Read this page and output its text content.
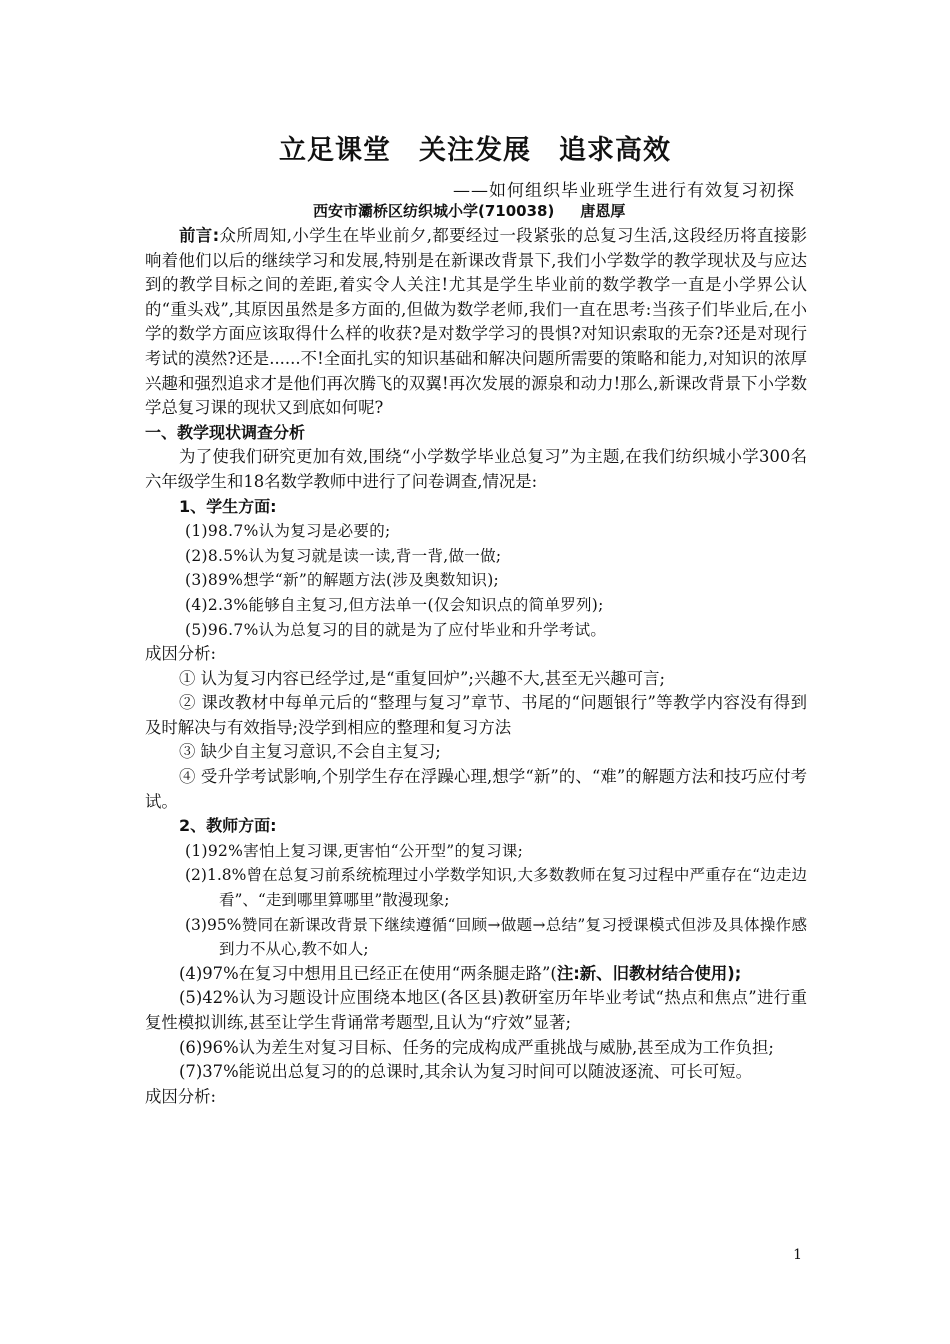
立足课堂 关注发展 追求高效
——如何组织毕业班学生进行有效复习初探
西安市灞桥区纺织城小学(710038) 唐恩厚

前言:众所周知,小学生在毕业前夕,都要经过一段紧张的总复习生活,这段经历将直接影响着他们以后的继续学习和发展,特别是在新课改背景下,我们小学数学的教学现状及与应达到的教学目标之间的差距,着实令人关注!尤其是学生毕业前的数学教学一直是小学界公认的“重头戏”,其原因虽然是多方面的,但做为数学老师,我们一直在思考:当孩子们毕业后,在小学的数学方面应该取得什么样的收获?是对数学学习的畏惧?对知识索取的无奈?还是对现行考试的漠然?还是......不!全面扎实的知识基础和解决问题所需要的策略和能力,对知识的浓厚兴趣和强烈追求才是他们再次腾飞的双翼!再次发展的源泉和动力!那么,新课改背景下小学数学总复习课的现状又到底如何呢?

一、教学现状调查分析

为了使我们研究更加有效,围绕“小学数学毕业总复习”为主题,在我们纺织城小学300名六年级学生和18名数学教师中进行了问卷调查,情况是:

1、学生方面:

(1)98.7%认为复习是必要的;

(2)8.5%认为复习就是读一读,背一背,做一做;

(3)89%想学“新”的解题方法(涉及奥数知识);

(4)2.3%能够自主复习,但方法单一(仅会知识点的简单罗列);

(5)96.7%认为总复习的目的就是为了应付毕业和升学考试。

成因分析:

① 认为复习内容已经学过,是“重复回炉”;兴趣不大,甚至无兴趣可言;

② 课改教材中每单元后的“整理与复习”章节、书尾的“问题银行”等教学内容没有得到及时解决与有效指导;没学到相应的整理和复习方法

③ 缺少自主复习意识,不会自主复习;

④ 受升学考试影响,个别学生存在浮躁心理,想学“新”的、“难”的解题方法和技巧应付考试。

2、教师方面:

(1)92%害怕上复习课,更害怕“公开型”的复习课;

(2)1.8%曾在总复习前系统梳理过小学数学知识,大多数教师在复习过程中严重存在“边走边看”、“走到哪里算哪里”散漫现象;

(3)95%赞同在新课改背景下继续遵循“回顾→做题→总结”复习授课模式但涉及具体操作感到力不从心,教不如人;

(4)97%在复习中想用且已经正在使用“两条腿走路”(注:新、旧教材结合使用);

(5)42%认为习题设计应围绕本地区(各区县)教研室历年毕业考试“热点和焦点”进行重复性模拟训练,甚至让学生背诵常考题型,且认为“疗效”显著;

(6)96%认为差生对复习目标、任务的完成构成严重挑战与威胁,甚至成为工作负担;

(7)37%能说出总复习的的总课时,其余认为复习时间可以随波逐流、可长可短。

成因分析:

1
